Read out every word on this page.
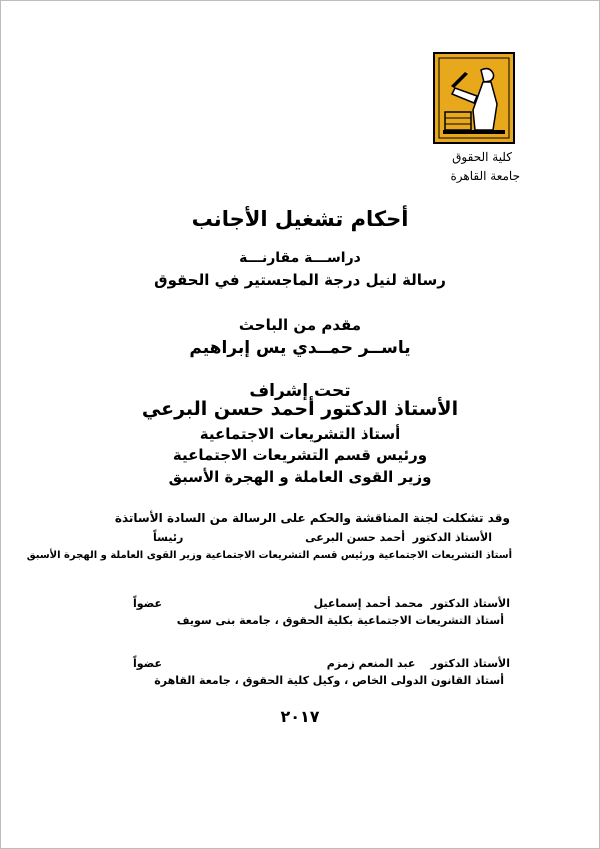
كلية الحقوق
جامعة القاهرة
أحكام تشغيل الأجانب
دراســـة مقارنـــة
رسالة لنيل درجة الماجستير في الحقوق
مقدم من الباحث
ياســر حمــدي يس إبراهيم
تحت إشراف
الأستاذ الدكتور أحمد حسن البرعي
أستاذ التشريعات الاجتماعية
ورئيس قسم التشريعات الاجتماعية
وزير القوى العاملة و الهجرة الأسبق
وقد تشكلت لجنة المناقشة والحكم على الرسالة من السادة الأساتذة
الأستاذ الدكتور  أحمد حسن البرعى
رئيساً
أستاذ التشريعات الاجتماعية ورئيس قسم التشريعات الاجتماعية وزير القوى العاملة و الهجرة الأسبق
الأستاذ الدكتور  محمد أحمد إسماعيل
عضواً
أستاذ التشريعات الاجتماعية بكلية الحقوق ، جامعة بنى سويف
الأستاذ الدكتور    عبد المنعم زمزم
عضواً
أستاذ القانون الدولى الخاص ، وكيل كلية الحقوق ، جامعة القاهرة
٢٠١٧
